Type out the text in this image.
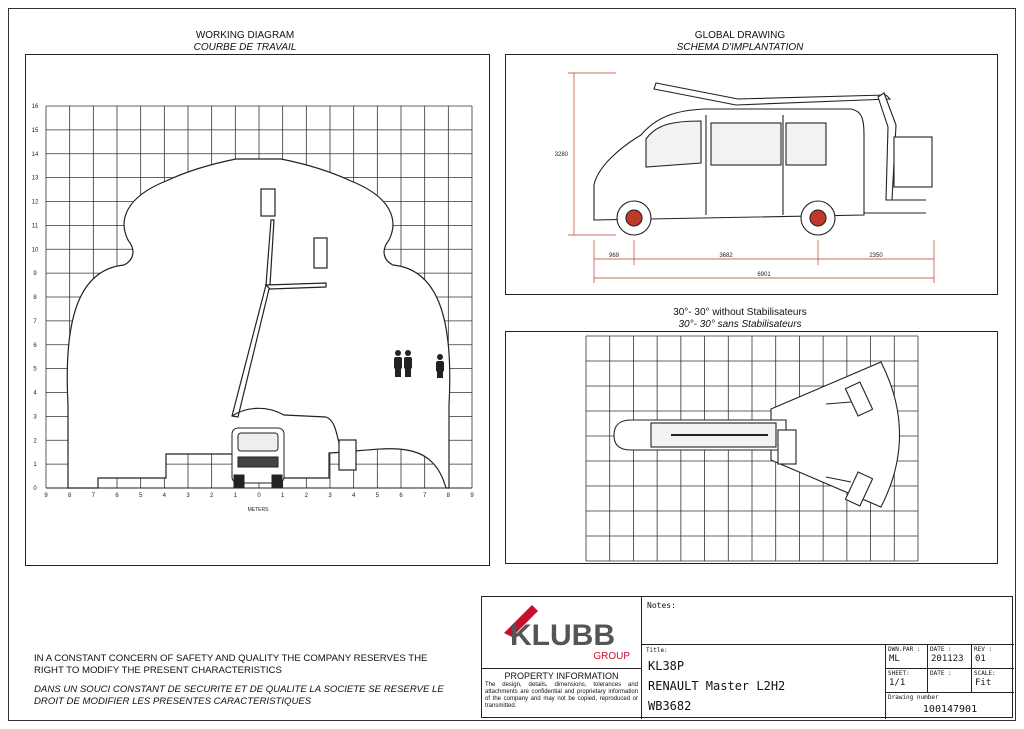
WORKING DIAGRAM
COURBE DE TRAVAIL
16
15
14
13
12
11
10
9
8
7
6
5
4
3
2
1
0
9	8	7	6	5	4	3	2	1	0	1	2	3	4	5	6	7	8	9
METERS
GLOBAL DRAWING
SCHEMA D'IMPLANTATION
3280
969	3682	2350
6901
30°- 30° without Stabilisateurs
30°- 30° sans Stabilisateurs
IN A CONSTANT CONCERN OF SAFETY AND QUALITY THE COMPANY RESERVES THE RIGHT TO MODIFY THE PRESENT CHARACTERISTICS
DANS UN SOUCI CONSTANT DE SECURITE ET DE QUALITE LA SOCIETE SE RESERVE LE DROIT DE MODIFIER LES PRESENTES CARACTERISTIQUES
KLUBB
GROUP
PROPERTY INFORMATION
The design, details, dimensions, tolerances and attachments are confidential and proprietary information of the company and may not be copied, reproduced or transmitted.
Notes:
Title:
KL38P
RENAULT Master L2H2
WB3682
DWN.PAR :
ML
DATE :
201123
REV :
01
SHEET:
1/1
DATE :	SCALE:
Fit
Drawing number
100147901
